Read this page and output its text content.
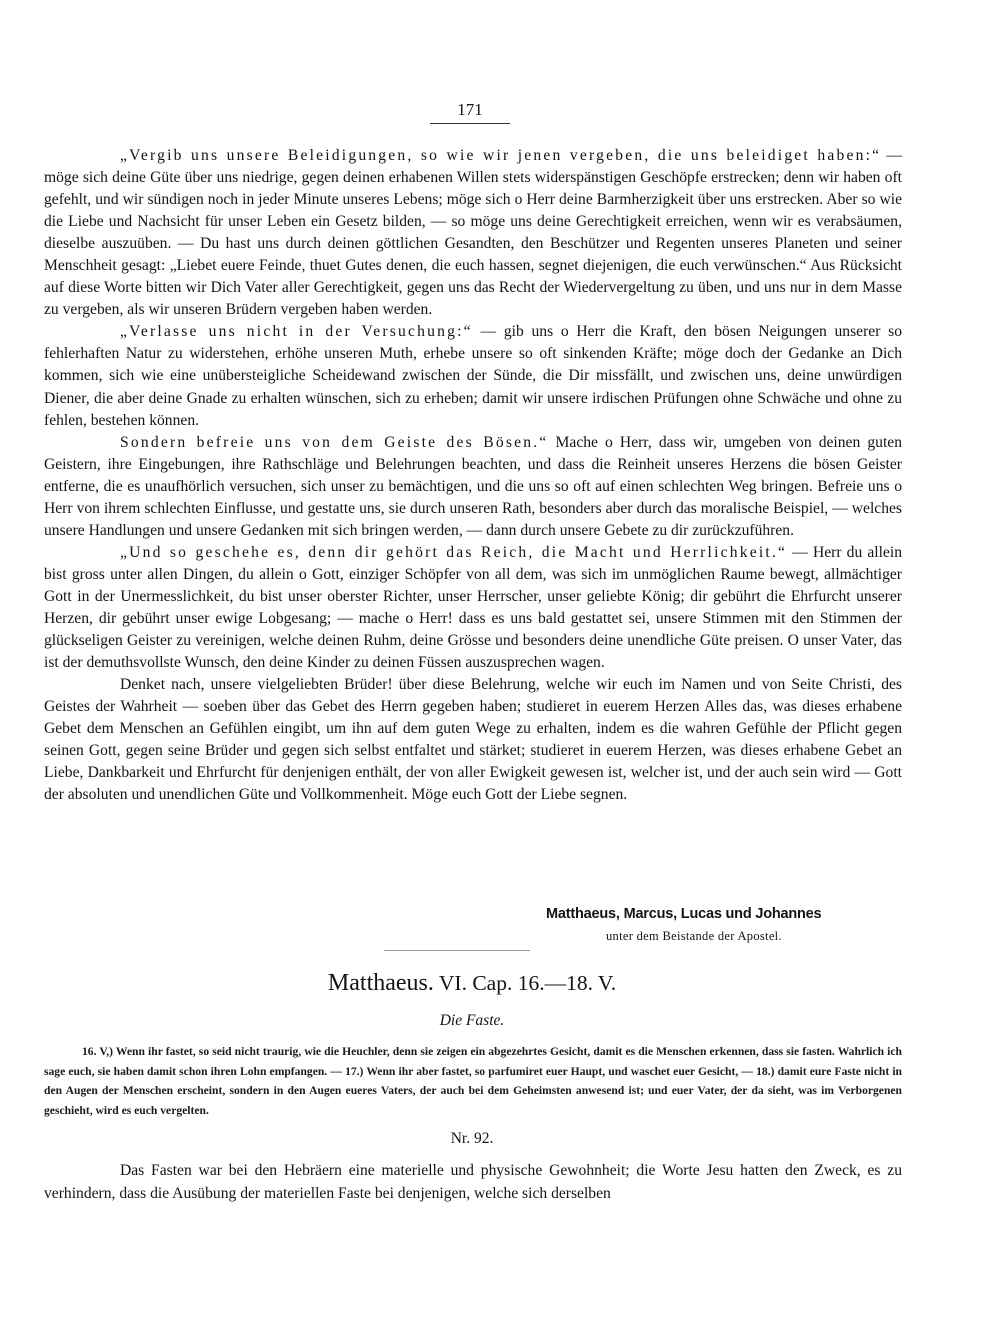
171

„Vergib uns unsere Beleidigungen, so wie wir jenen vergeben, die uns beleidiget haben:“ — möge sich deine Güte über uns niedrige, gegen deinen erhabenen Willen stets widerspänstigen Geschöpfe erstrecken; denn wir haben oft gefehlt, und wir sündigen noch in jeder Minute unseres Lebens; möge sich o Herr deine Barmherzigkeit über uns erstrecken. Aber so wie die Liebe und Nachsicht für unser Leben ein Gesetz bilden, — so möge uns deine Gerechtigkeit erreichen, wenn wir es verabsäumen, dieselbe auszuüben. — Du hast uns durch deinen göttlichen Gesandten, den Beschützer und Regenten unseres Planeten und seiner Menschheit gesagt: „Liebet euere Feinde, thuet Gutes denen, die euch hassen, segnet diejenigen, die euch verwünschen.“ Aus Rücksicht auf diese Worte bitten wir Dich Vater aller Gerechtigkeit, gegen uns das Recht der Wiedervergeltung zu üben, und uns nur in dem Masse zu vergeben, als wir unseren Brüdern vergeben haben werden.

„Verlasse uns nicht in der Versuchung:“ — gib uns o Herr die Kraft, den bösen Neigungen unserer so fehlerhaften Natur zu widerstehen, erhöhe unseren Muth, erhebe unsere so oft sinkenden Kräfte; möge doch der Gedanke an Dich kommen, sich wie eine unübersteigliche Scheidewand zwischen der Sünde, die Dir missfällt, und zwischen uns, deine unwürdigen Diener, die aber deine Gnade zu erhalten wünschen, sich zu erheben; damit wir unsere irdischen Prüfungen ohne Schwäche und ohne zu fehlen, bestehen können.

Sondern befreie uns von dem Geiste des Bösen.“ Mache o Herr, dass wir, umgeben von deinen guten Geistern, ihre Eingebungen, ihre Rathschläge und Belehrungen beachten, und dass die Reinheit unseres Herzens die bösen Geister entferne, die es unaufhörlich versuchen, sich unser zu bemächtigen, und die uns so oft auf einen schlechten Weg bringen. Befreie uns o Herr von ihrem schlechten Einflusse, und gestatte uns, sie durch unseren Rath, besonders aber durch das moralische Beispiel, — welches unsere Handlungen und unsere Gedanken mit sich bringen werden, — dann durch unsere Gebete zu dir zurückzuführen.

„Und so geschehe es, denn dir gehört das Reich, die Macht und Herrlichkeit.“ — Herr du allein bist gross unter allen Dingen, du allein o Gott, einziger Schöpfer von all dem, was sich im unmöglichen Raume bewegt, allmächtiger Gott in der Unermesslichkeit, du bist unser oberster Richter, unser Herrscher, unser geliebte König; dir gebührt die Ehrfurcht unserer Herzen, dir gebührt unser ewige Lobgesang; — mache o Herr! dass es uns bald gestattet sei, unsere Stimmen mit den Stimmen der glückseligen Geister zu vereinigen, welche deinen Ruhm, deine Grösse und besonders deine unendliche Güte preisen. O unser Vater, das ist der demuthsvollste Wunsch, den deine Kinder zu deinen Füssen auszusprechen wagen.

Denket nach, unsere vielgeliebten Brüder! über diese Belehrung, welche wir euch im Namen und von Seite Christi, des Geistes der Wahrheit — soeben über das Gebet des Herrn gegeben haben; studieret in euerem Herzen Alles das, was dieses erhabene Gebet dem Menschen an Gefühlen eingibt, um ihn auf dem guten Wege zu erhalten, indem es die wahren Gefühle der Pflicht gegen seinen Gott, gegen seine Brüder und gegen sich selbst entfaltet und stärket; studieret in euerem Herzen, was dieses erhabene Gebet an Liebe, Dankbarkeit und Ehrfurcht für denjenigen enthält, der von aller Ewigkeit gewesen ist, welcher ist, und der auch sein wird — Gott der absoluten und unendlichen Güte und Vollkommenheit. Möge euch Gott der Liebe segnen.

Matthaeus, Marcus, Lucas und Johannes
unter dem Beistande der Apostel.
Matthaeus. VI. Cap. 16.—18. V.
Die Faste.

16. V,) Wenn ihr fastet, so seid nicht traurig, wie die Heuchler, denn sie zeigen ein abgezehrtes Gesicht, damit es die Menschen erkennen, dass sie fasten. Wahrlich ich sage euch, sie haben damit schon ihren Lohn empfangen. — 17.) Wenn ihr aber fastet, so parfumiret euer Haupt, und waschet euer Gesicht, — 18.) damit eure Faste nicht in den Augen der Menschen erscheint, sondern in den Augen eueres Vaters, der auch bei dem Geheimsten anwesend ist; und euer Vater, der da sieht, was im Verborgenen geschieht, wird es euch vergelten.

Nr. 92.

Das Fasten war bei den Hebräern eine materielle und physische Gewohnheit; die Worte Jesu hatten den Zweck, es zu verhindern, dass die Ausübung der materiellen Faste bei denjenigen, welche sich derselben
